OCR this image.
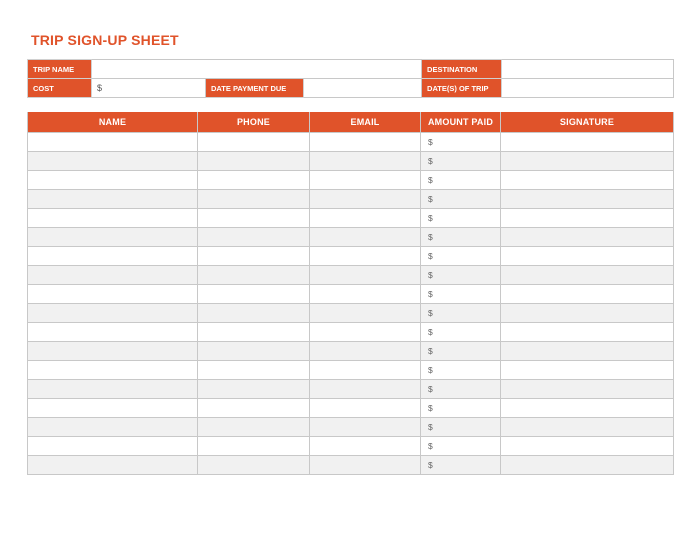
TRIP SIGN-UP SHEET
TRIP NAME				DESTINATION	
COST	$	DATE PAYMENT DUE		DATE(S) OF TRIP	
NAME	PHONE	EMAIL	AMOUNT PAID	SIGNATURE
			$	
			$	
			$	
			$	
			$	
			$	
			$	
			$	
			$	
			$	
			$	
			$	
			$	
			$	
			$	
			$	
			$	
			$	
